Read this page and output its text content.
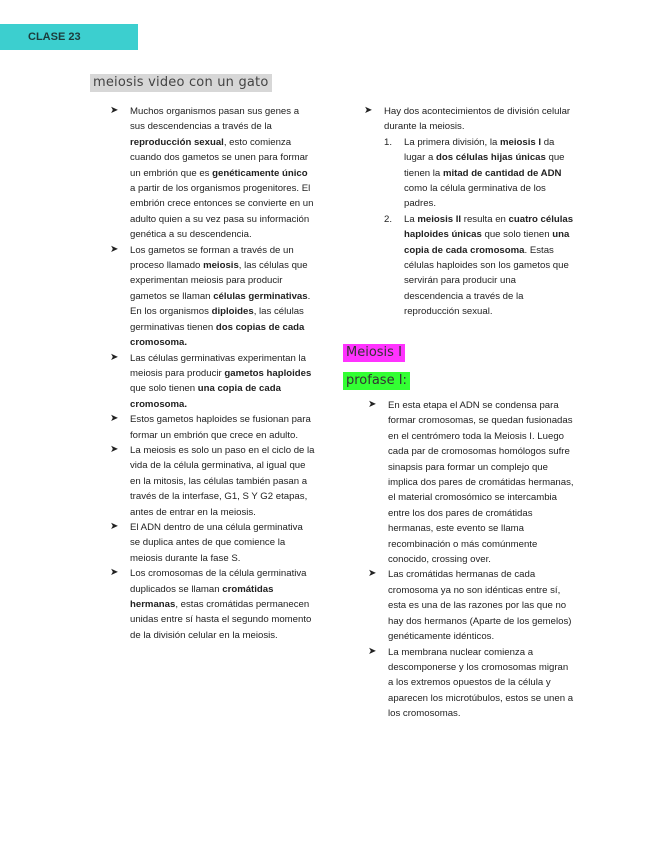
CLASE 23
meiosis video con un gato
➤ Muchos organismos pasan sus genes a sus descendencias a través de la reproducción sexual, esto comienza cuando dos gametos se unen para formar un embrión que es genéticamente único a partir de los organismos progenitores. El embrión crece entonces se convierte en un adulto quien a su vez pasa su información genética a su descendencia.
➤ Los gametos se forman a través de un proceso llamado meiosis, las células que experimentan meiosis para producir gametos se llaman células germinativas. En los organismos diploides, las células germinativas tienen dos copias de cada cromosoma.
➤ Las células germinativas experimentan la meiosis para producir gametos haploides que solo tienen una copia de cada cromosoma.
➤ Estos gametos haploides se fusionan para formar un embrión que crece en adulto.
➤ La meiosis es solo un paso en el ciclo de la vida de la célula germinativa, al igual que en la mitosis, las células también pasan a través de la interfase, G1, S Y G2 etapas, antes de entrar en la meiosis.
➤ El ADN dentro de una célula germinativa se duplica antes de que comience la meiosis durante la fase S.
➤ Los cromosomas de la célula germinativa duplicados se llaman cromátidas hermanas, estas cromátidas permanecen unidas entre sí hasta el segundo momento de la división celular en la meiosis.
➤ Hay dos acontecimientos de división celular durante la meiosis.
1. La primera división, la meiosis I da lugar a dos células hijas únicas que tienen la mitad de cantidad de ADN como la célula germinativa de los padres.
2. La meiosis II resulta en cuatro células haploides únicas que solo tienen una copia de cada cromosoma. Estas células haploides son los gametos que servirán para producir una descendencia a través de la reproducción sexual.
Meiosis I
profase I:
➤ En esta etapa el ADN se condensa para formar cromosomas, se quedan fusionadas en el centrómero toda la Meiosis I. Luego cada par de cromosomas homólogos sufre sinapsis para formar un complejo que implica dos pares de cromátidas hermanas, el material cromosómico se intercambia entre los dos pares de cromátidas hermanas, este evento se llama recombinación o más comúnmente conocido, crossing over.
➤ Las cromátidas hermanas de cada cromosoma ya no son idénticas entre sí, esta es una de las razones por las que no hay dos hermanos (Aparte de los gemelos) genéticamente idénticos.
➤ La membrana nuclear comienza a descomponerse y los cromosomas migran a los extremos opuestos de la célula y aparecen los microtúbulos, estos se unen a los cromosomas.
